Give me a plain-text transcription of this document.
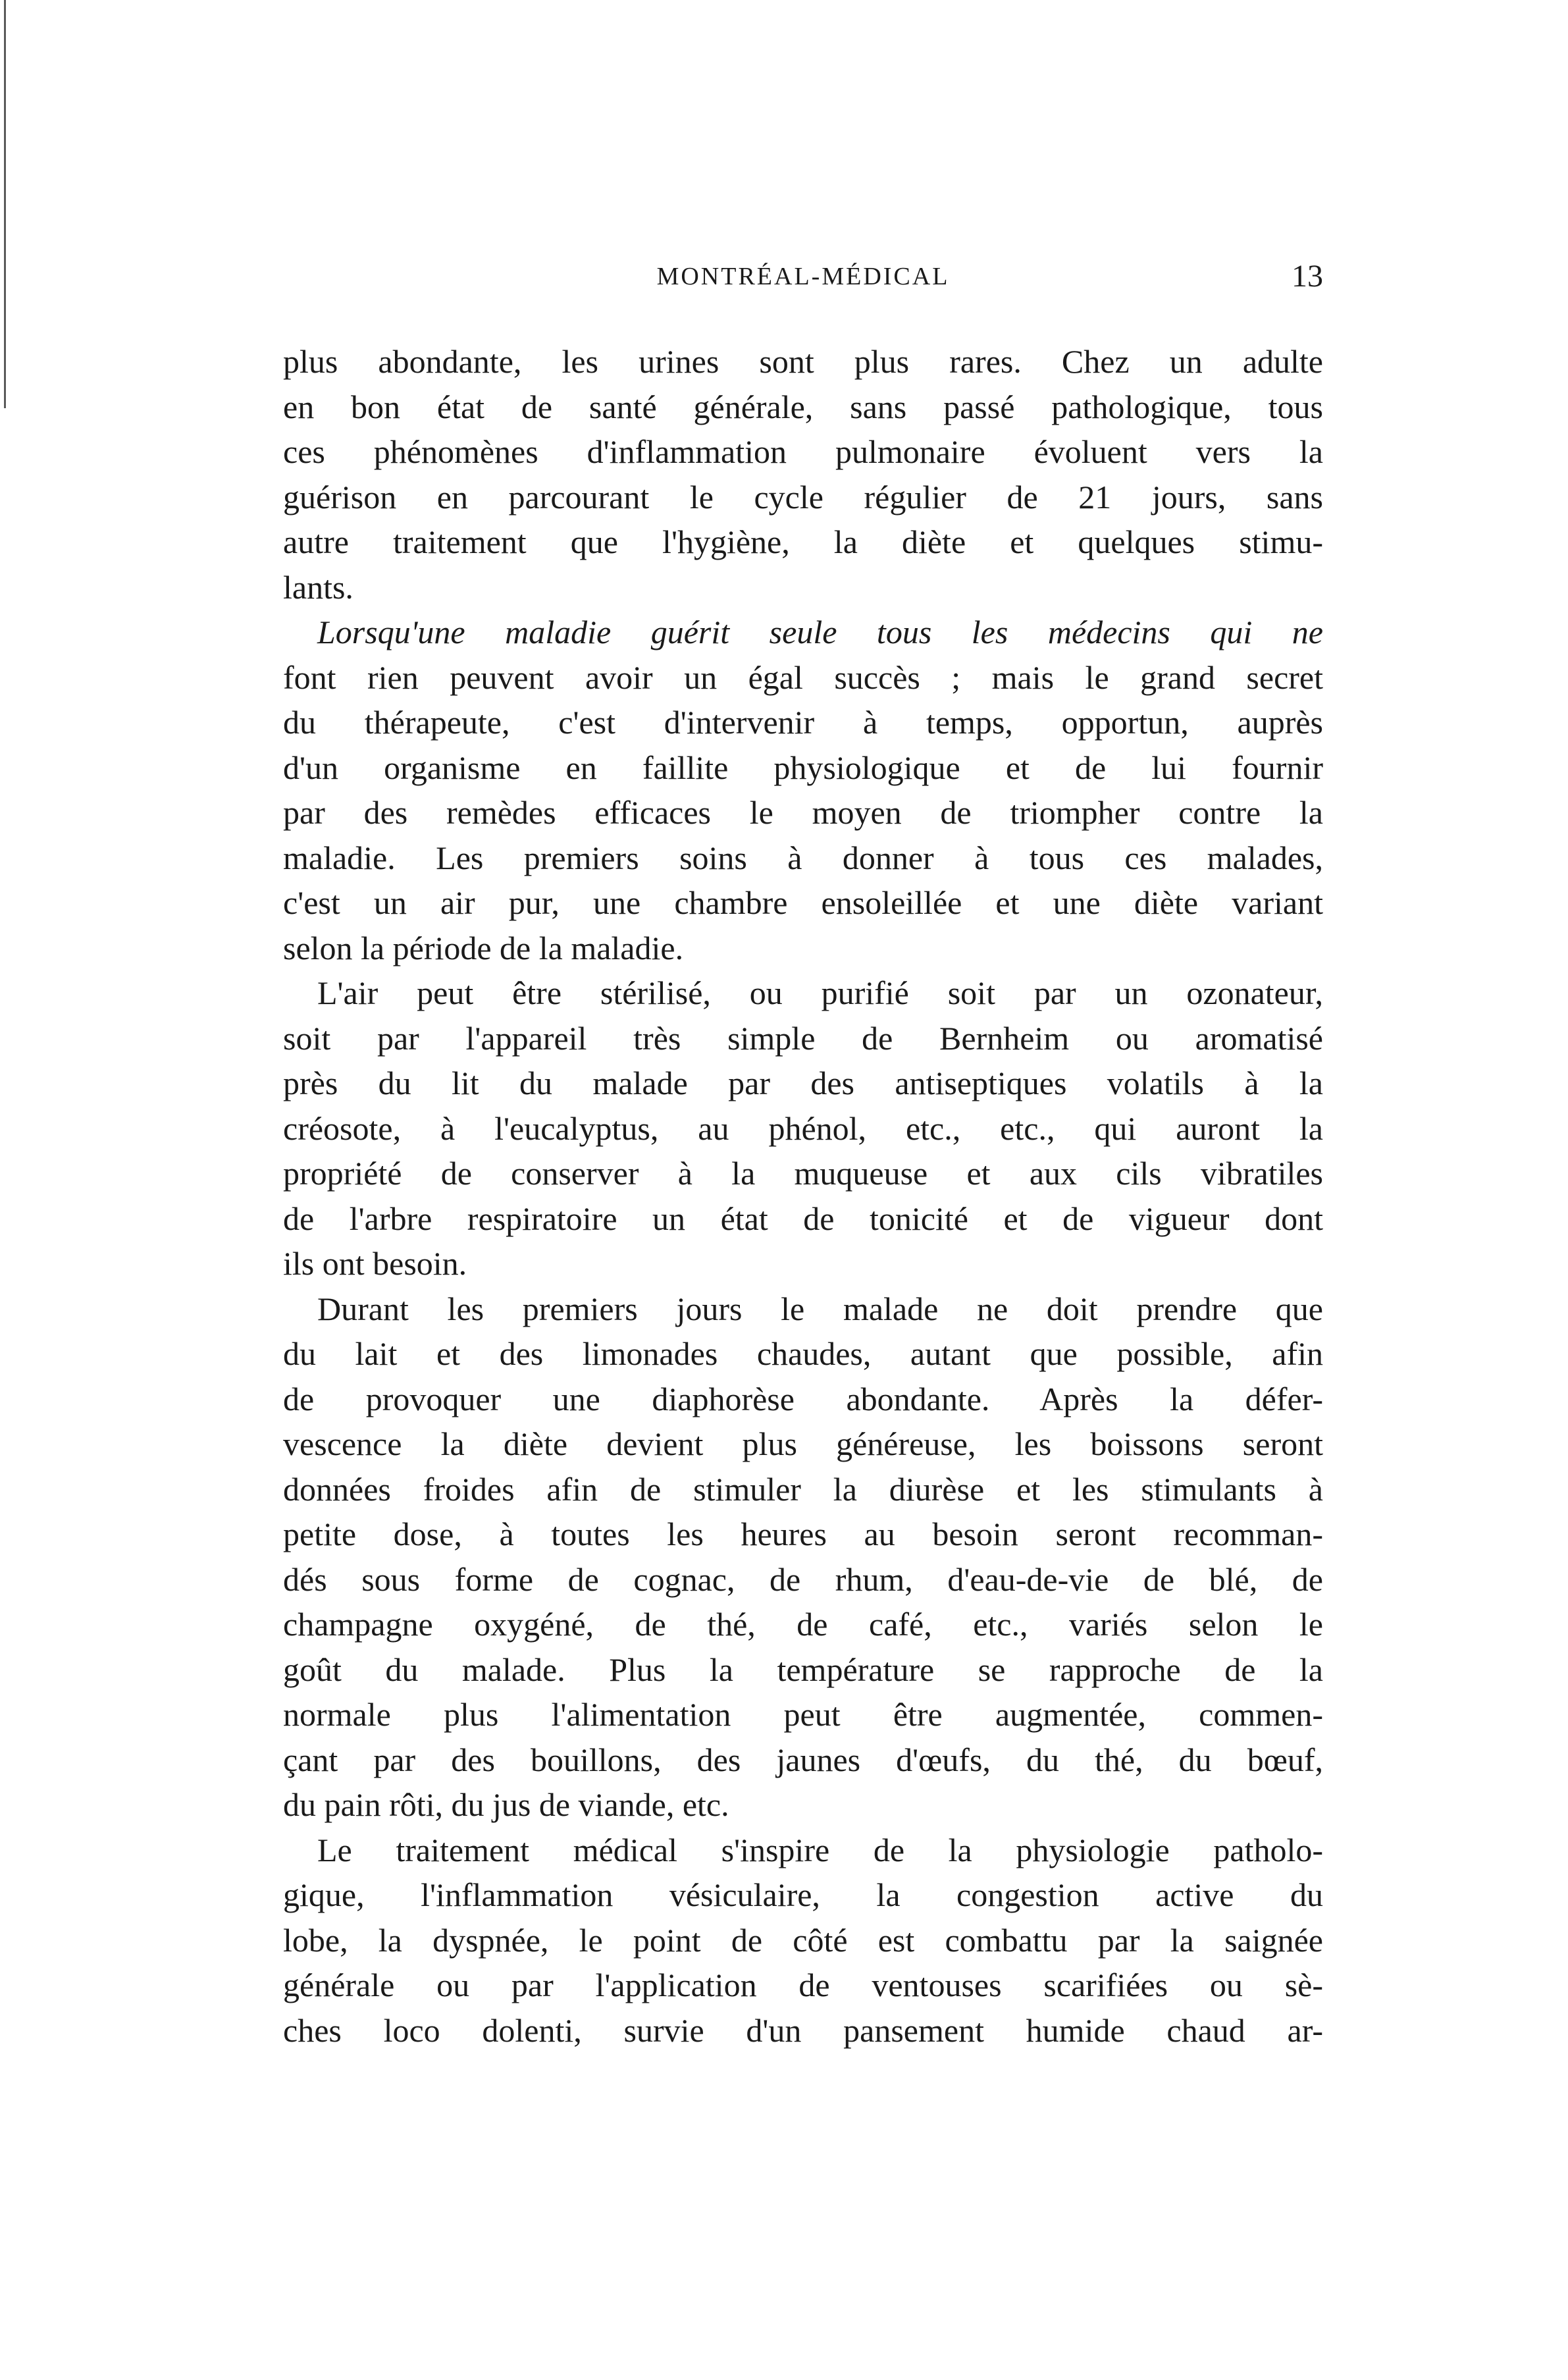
MONTRÉAL-MÉDICAL	13

plus abondante, les urines sont plus rares. Chez un adulte
en bon état de santé générale, sans passé pathologique, tous
ces phénomènes d'inflammation pulmonaire évoluent vers la
guérison en parcourant le cycle régulier de 21 jours, sans
autre traitement que l'hygiène, la diète et quelques stimu-
lants.

Lorsqu'une maladie guérit seule tous les médecins qui ne
font rien peuvent avoir un égal succès ; mais le grand secret
du thérapeute, c'est d'intervenir à temps, opportun, auprès
d'un organisme en faillite physiologique et de lui fournir
par des remèdes efficaces le moyen de triompher contre la
maladie. Les premiers soins à donner à tous ces malades,
c'est un air pur, une chambre ensoleillée et une diète variant
selon la période de la maladie.

L'air peut être stérilisé, ou purifié soit par un ozonateur,
soit par l'appareil très simple de Bernheim ou aromatisé
près du lit du malade par des antiseptiques volatils à la
créosote, à l'eucalyptus, au phénol, etc., etc., qui auront la
propriété de conserver à la muqueuse et aux cils vibratiles
de l'arbre respiratoire un état de tonicité et de vigueur dont
ils ont besoin.

Durant les premiers jours le malade ne doit prendre que
du lait et des limonades chaudes, autant que possible, afin
de provoquer une diaphorèse abondante. Après la défer-
vescence la diète devient plus généreuse, les boissons seront
données froides afin de stimuler la diurèse et les stimulants à
petite dose, à toutes les heures au besoin seront recomman-
dés sous forme de cognac, de rhum, d'eau-de-vie de blé, de
champagne oxygéné, de thé, de café, etc., variés selon le
goût du malade. Plus la température se rapproche de la
normale plus l'alimentation peut être augmentée, commen-
çant par des bouillons, des jaunes d'œufs, du thé, du bœuf,
du pain rôti, du jus de viande, etc.

Le traitement médical s'inspire de la physiologie patholo-
gique, l'inflammation vésiculaire, la congestion active du
lobe, la dyspnée, le point de côté est combattu par la saignée
générale ou par l'application de ventouses scarifiées ou sè-
ches loco dolenti, survie d'un pansement humide chaud ar-
